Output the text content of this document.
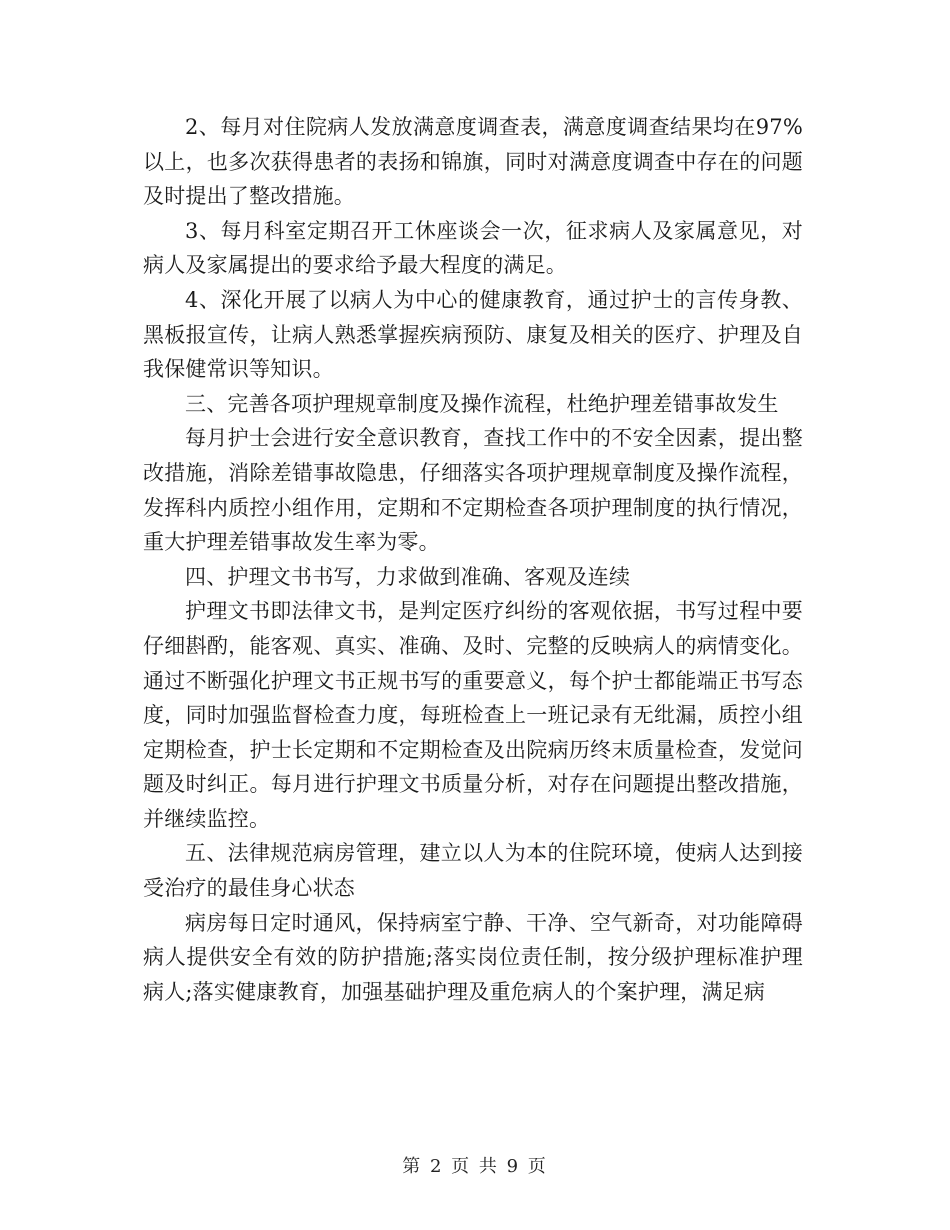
2、每月对住院病人发放满意度调查表，满意度调查结果均在97%以上，也多次获得患者的表扬和锦旗，同时对满意度调查中存在的问题及时提出了整改措施。

3、每月科室定期召开工休座谈会一次，征求病人及家属意见，对病人及家属提出的要求给予最大程度的满足。

4、深化开展了以病人为中心的健康教育，通过护士的言传身教、黑板报宣传，让病人熟悉掌握疾病预防、康复及相关的医疗、护理及自我保健常识等知识。

三、完善各项护理规章制度及操作流程，杜绝护理差错事故发生

每月护士会进行安全意识教育，查找工作中的不安全因素，提出整改措施，消除差错事故隐患，仔细落实各项护理规章制度及操作流程，发挥科内质控小组作用，定期和不定期检查各项护理制度的执行情况，重大护理差错事故发生率为零。

四、护理文书书写，力求做到准确、客观及连续

护理文书即法律文书，是判定医疗纠纷的客观依据，书写过程中要仔细斟酌，能客观、真实、准确、及时、完整的反映病人的病情变化。通过不断强化护理文书正规书写的重要意义，每个护士都能端正书写态度，同时加强监督检查力度，每班检查上一班记录有无纰漏，质控小组定期检查，护士长定期和不定期检查及出院病历终末质量检查，发觉问题及时纠正。每月进行护理文书质量分析，对存在问题提出整改措施，并继续监控。

五、法律规范病房管理，建立以人为本的住院环境，使病人达到接受治疗的最佳身心状态

病房每日定时通风，保持病室宁静、干净、空气新奇，对功能障碍病人提供安全有效的防护措施;落实岗位责任制，按分级护理标准护理病人;落实健康教育，加强基础护理及重危病人的个案护理，满足病

第 2 页 共 9 页
